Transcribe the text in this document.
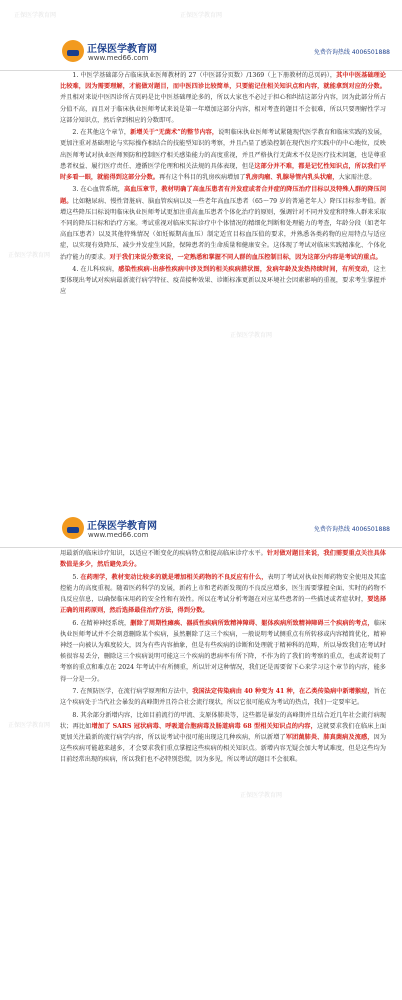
正保医学教育网	正保医学教育网
正保医学教育网
正保医学教育网
正保医学教育网
正保医学教育网
正保医学教育网
www.med66.com
免费咨询热线 4006501888

1. 中医学基础部分占临床执业医师教材的 27（中医部分页数）/1369（上下册教材的总页码），其中中医基础理论比较难，因为需要理解，才能做对题目，而中医四诊比较简单，只要能记住相关知识点和内容，就能拿到对应的分数。并且相对来说中医四诊所占页码是比中医基础理论多的，所以大家也不必过于担心和纠结这部分内容，因为此部分所占分值不高，而且对于临床执业医师考试来说是第一年增加这部分内容，相对考查的题目不会很难，所以只要理解性学习这部分知识点，然后拿到相应的分数即可。

2. 在其他这个章节，新增关于“无菌术”的整节内容，说明临床执业医师考试紧随现代医学教育和临床实践的发展，更加注重对基础理论与实际操作相结合的技能型知识的考察，并且凸显了感染控制在现代医疗实践中的中心地位，反映出医师考试对执业医师预防和控制医疗相关感染能力的高度重视，并且严格执行无菌术不仅是医疗技术问题，也是尊重患者权益、履行医疗责任、遵循医学伦理和相关法规的具体表现，但是这部分并不难，都是记忆性知识点，所以我们平时多看一眼，就能得到这部分分数。再有这个科目的乳房疾病增加了乳房肉瘤、乳腺导管内乳头状瘤，大家需注意。

3. 在心血管系统，高血压章节，教材明确了高血压患者有并发症或者合并症的降压治疗目标以及特殊人群的降压问题。比如糖尿病、慢性肾脏病、脑血管疾病以及一些老年高血压患者（65～79 岁的普通老年人）降压目标参考值。新增这些降压目标说明临床执业医师考试更加注重高血压患者个体化治疗的原则，强调针对不同并发症和特殊人群来采取不同的降压目标和治疗方案。考试重视对临床实际诊疗中个体情况的精细化判断和处理能力的考查，年龄分段（如老年高血压患者）以及其他特殊情况（如妊娠期高血压）制定适宜目标血压值的要求，并熟悉各类药物的应用特点与适应症，以实现有效降压、减少并发症生风险，保障患者的生命质量和健康安全。这体现了考试对临床实践精准化、个体化治疗能力的要求。对于我们来说分数来说，一定熟悉和掌握不同人群的血压控制目标，因为这部分内容是考试的重点。

4. 在儿科疾病，感染性疾病-出疹性疾病中涉及到的相关疾病措状图，发病年龄及发热持续时间，有所变动，这主要体现出考试对疾病最新流行病学特征、疫苗接种效果、诊断标准更新以及环境社会因素影响的重视，要求考生掌握并应

正保医学教育网
www.med66.com
免费咨询热线 4006501888

用最新的临床诊疗知识，以适应不断变化的疾病特点和提高临床诊疗水平。针对做对题目来说，我们需要重点关注具体数值是多少，然后避免丢分。

5. 在药理学，教材变动比较多的就是增加相关药物的不良反应有什么，表明了考试对执业医师药物安全使用及其监控能力的高度重视。随着医药科学的发展，新药上市和老药新发现的不良反应增多，医生需要掌握全面、实时的药物不良反应信息，以确保临床用药的安全性和有效性。所以在考试分析考题在对应某些患者的一些描述或者症状时，要选择正确的用药原则，然后选择最佳治疗方法，得到分数。

6. 在精神神经系统，删除了周期性瘫痪、器质性疾病所致精神障碍、躯体疾病所致精神障碍三个疾病的考点，临床执业医师考试并不会刻意删除某个疾病，虽然删除了这三个疾病，一般说明考试侧重点有所转移或内容精简优化，精神神经一向被认为难度较大，因为有些内容抽象，但是有些疾病的诊断和处理就于精神科的范畴，所以导致我们在考试时候很容易丢分，删除这三个疾病说明可能这三个疾病的患病率有所下降，不作为的了我们的考察的重点，也或者说明了考察的重点和难点在 2024 年考试中有所侧重，所以针对这种情况，我们还是需要留下心来学习这个章节的内容，能多得一分是一分。

7. 在预防医学，在流行病学原理和方法中，我国法定传染病由 40 种变为 41 种，在乙类传染病中新增猴痘，旨在这个疾病处于当代社会暴发的高峰期并且符合社会流行现状，所以它很可能成为考试的热点，我们一定要牢记。

8. 其余部分新增内容，比如目前流行的甲流、支原体肺炎等，这些都是暴发的高峰期并且结合近几年社会流行病现状；再比如增加了 SARS 冠状病毒、呼吸道合胞病毒及肠道病毒 68 型相关知识点的内容，这就要求我们在临床上面更加关注最新的流行病学内容，所以说考试中很可能出现这几种疾病，所以新增了军团菌肺炎、肺真菌病及流感，因为这些疾病可能越来越多，才会要求我们重点掌握这些疾病的相关知识点。新增内容无疑会加大考试难度，但是这些均为目前经常出现的疾病，所以我们也不必特别恐慌，因为多见，所以考试的题目不会很难。
